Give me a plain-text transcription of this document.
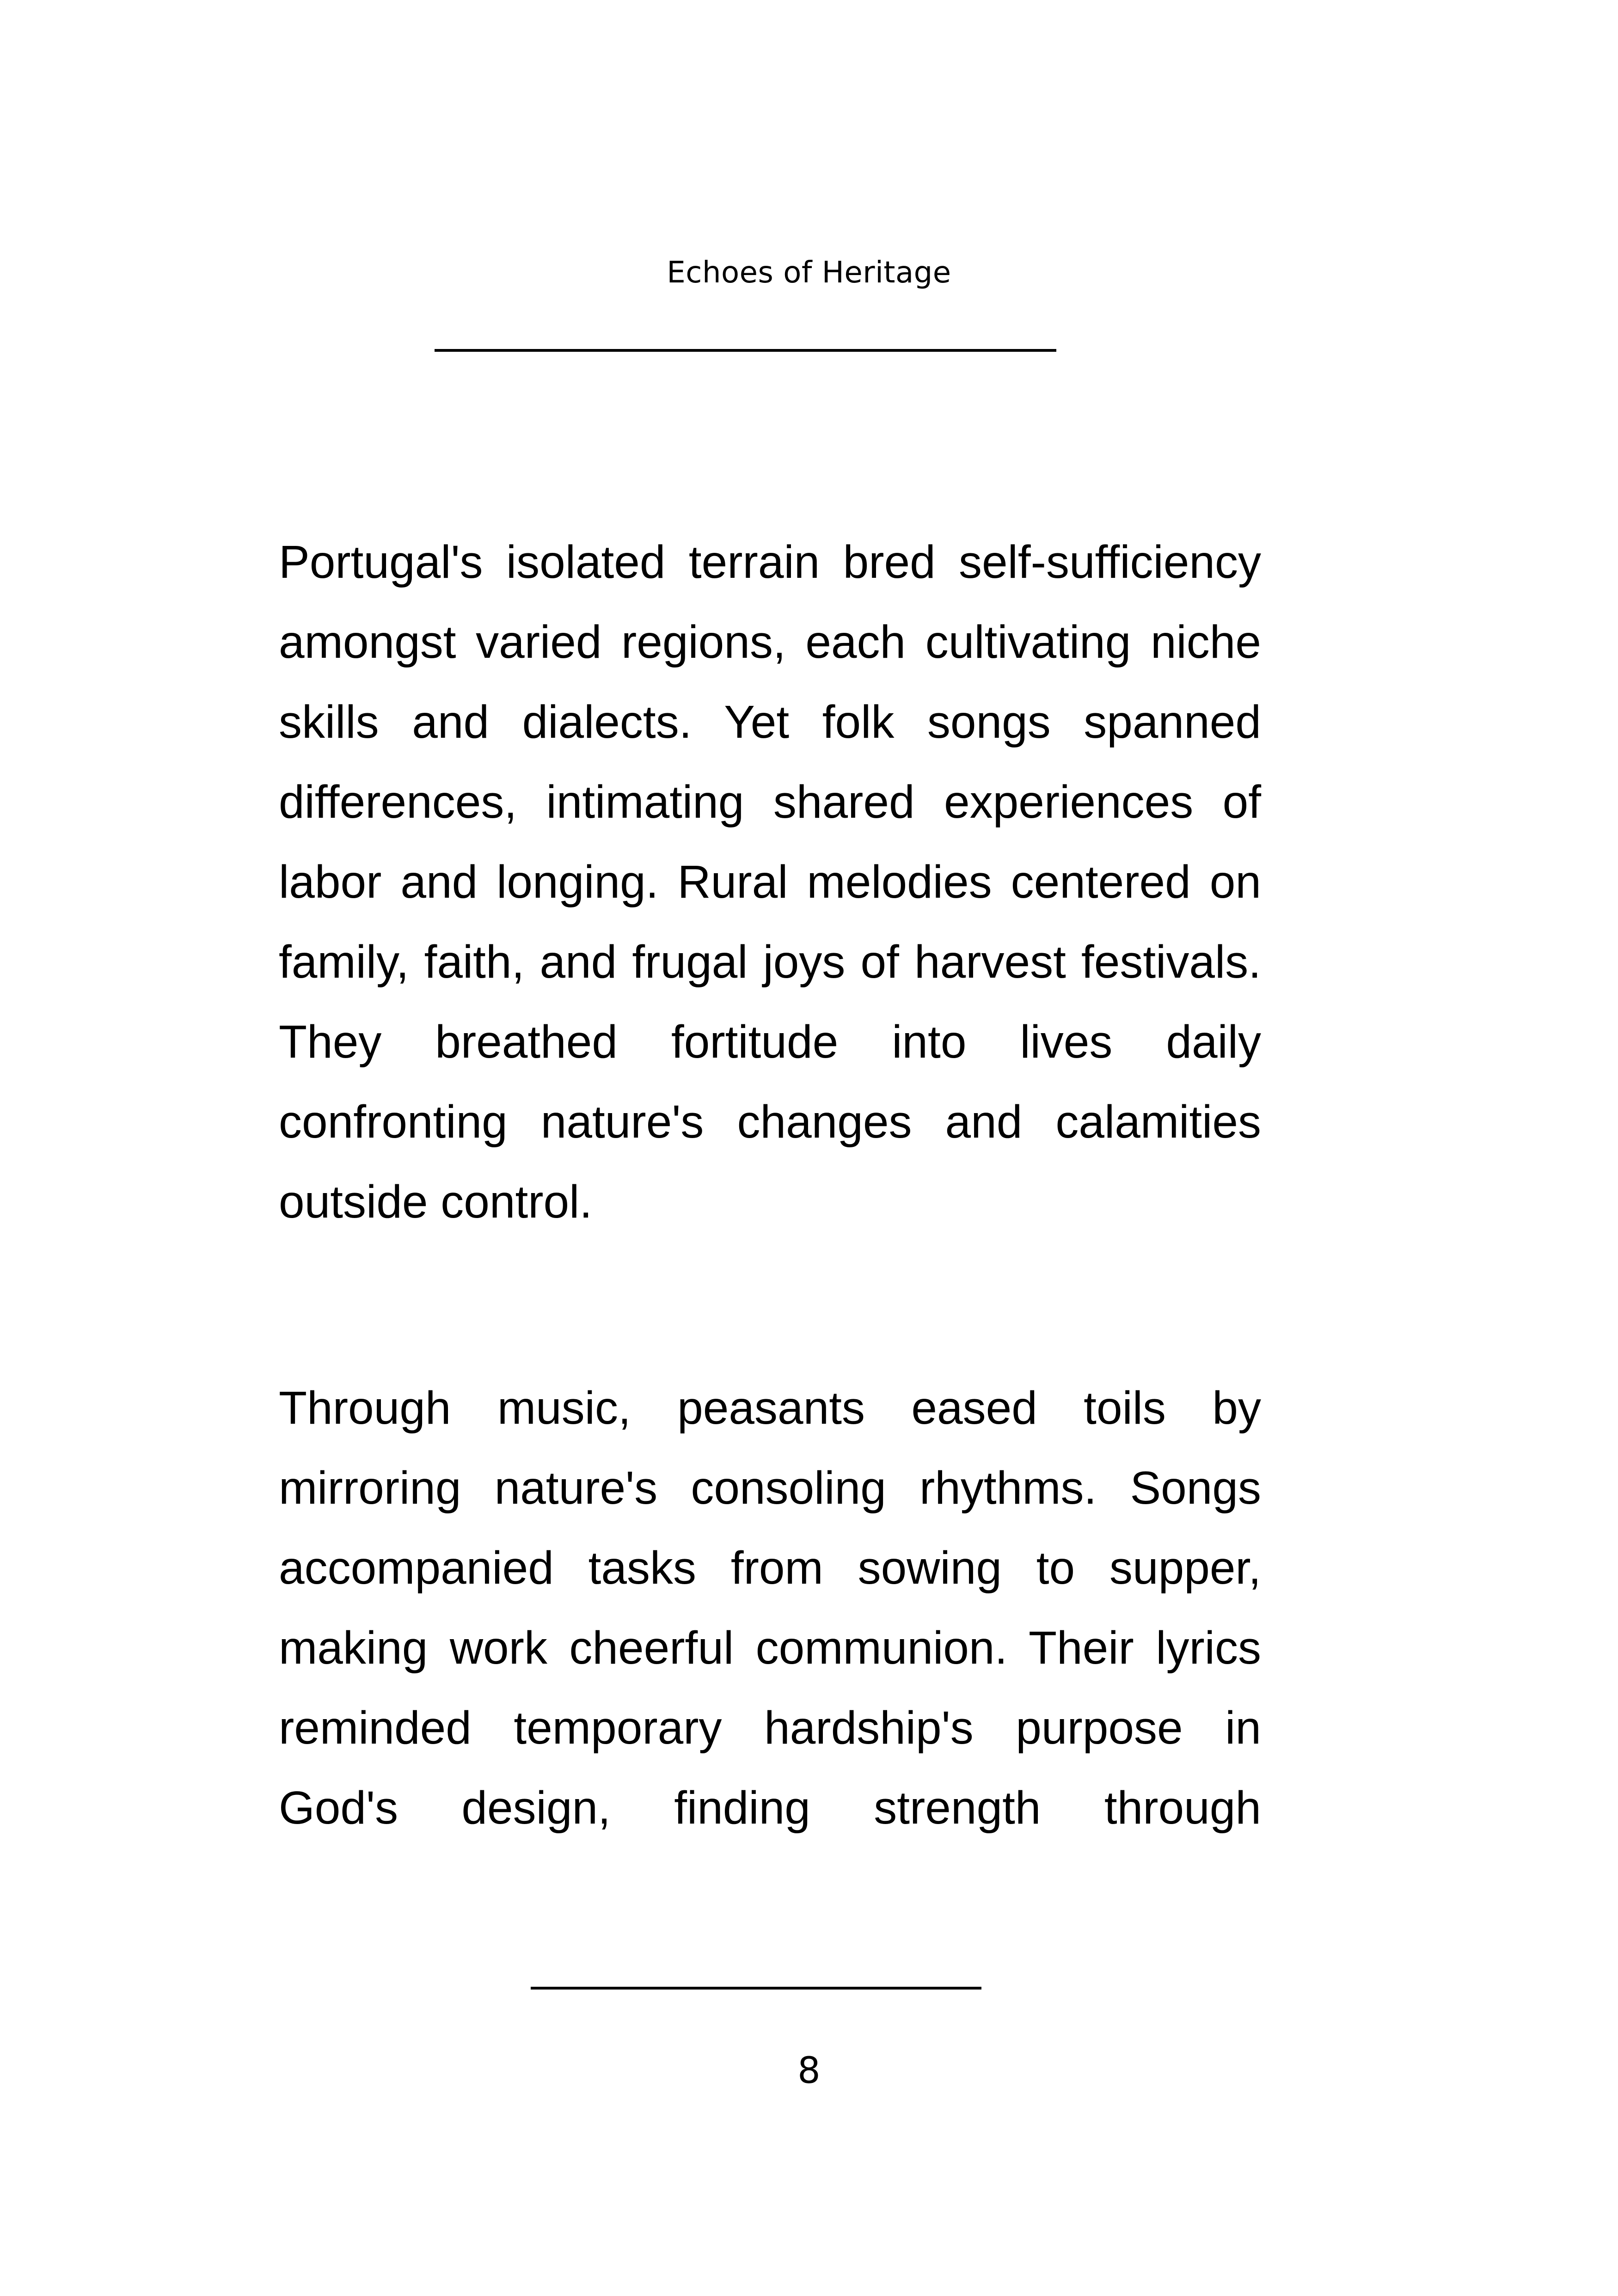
Echoes of Heritage

Portugal's isolated terrain bred self-sufficiency
amongst varied regions, each cultivating niche
skills and dialects. Yet folk songs spanned
differences, intimating shared experiences of
labor and longing. Rural melodies centered on
family, faith, and frugal joys of harvest festivals.
They breathed fortitude into lives daily
confronting nature's changes and calamities
outside control.

Through music, peasants eased toils by
mirroring nature's consoling rhythms. Songs
accompanied tasks from sowing to supper,
making work cheerful communion. Their lyrics
reminded temporary hardship's purpose in
God's design, finding strength through

8
